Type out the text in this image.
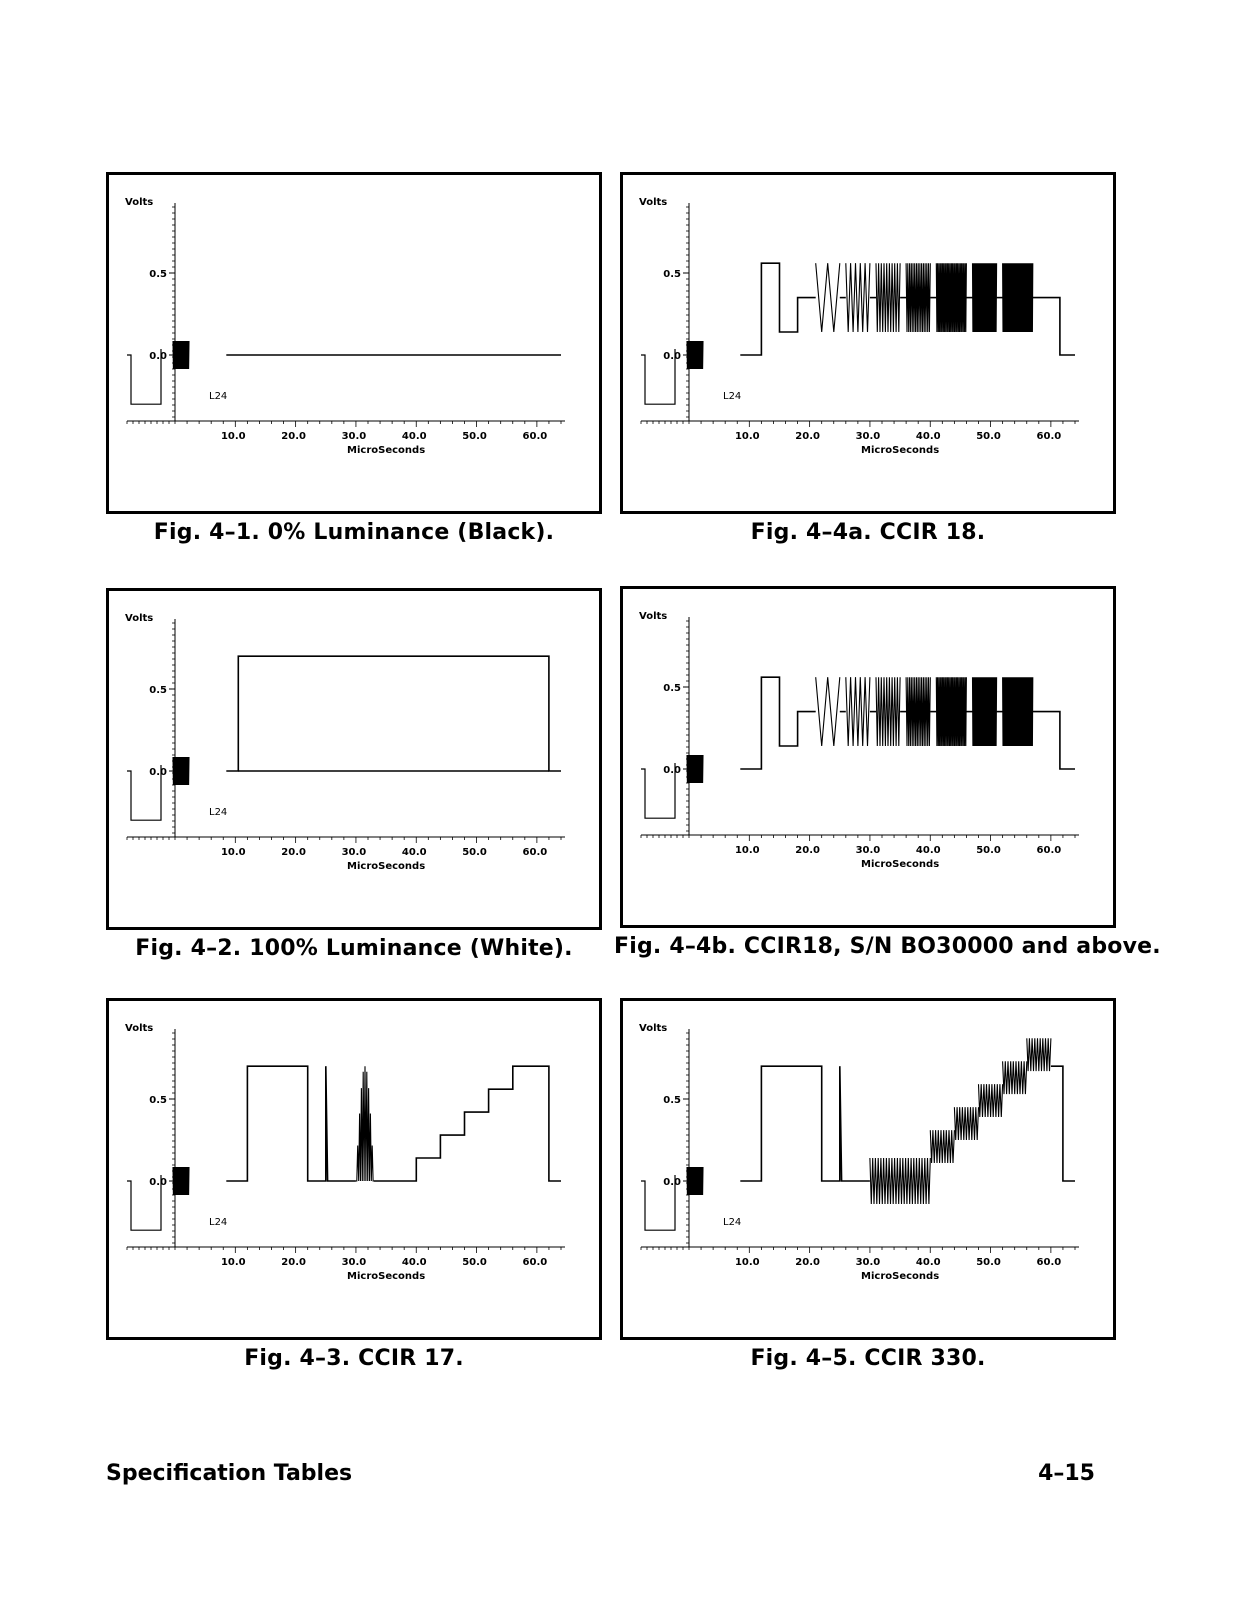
Volts
0.5
0.0
10.0	20.0	30.0	40.0	50.0	60.0
MicroSeconds
L24
Fig. 4–1. 0% Luminance (Black).
Volts
0.5
0.0
10.0	20.0	30.0	40.0	50.0	60.0
MicroSeconds
L24
Fig. 4–4a. CCIR 18.
Volts
0.5
0.0
10.0	20.0	30.0	40.0	50.0	60.0
MicroSeconds
L24
Fig. 4–2. 100% Luminance (White).
Volts
0.5
0.0
10.0	20.0	30.0	40.0	50.0	60.0
MicroSeconds
Fig. 4–4b. CCIR18, S/N BO30000 and above.
Volts
0.5
0.0
10.0	20.0	30.0	40.0	50.0	60.0
MicroSeconds
L24
Fig. 4–3. CCIR 17.
Volts
0.5
0.0
10.0	20.0	30.0	40.0	50.0	60.0
MicroSeconds
L24
Fig. 4–5. CCIR 330.
Specification Tables	4–15
